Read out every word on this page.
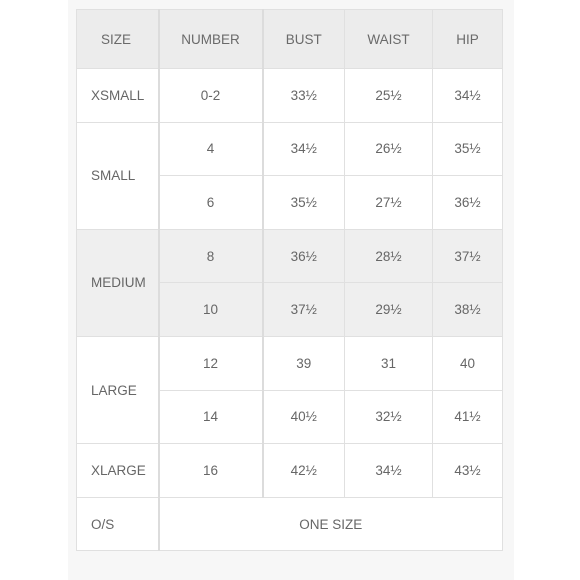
SIZE	NUMBER	BUST	WAIST	HIP
XSMALL	0-2	33½	25½	34½
SMALL	4	34½	26½	35½
	6	35½	27½	36½
MEDIUM	8	36½	28½	37½
	10	37½	29½	38½
LARGE	12	39	31	40
	14	40½	32½	41½
XLARGE	16	42½	34½	43½
O/S	ONE SIZE			
